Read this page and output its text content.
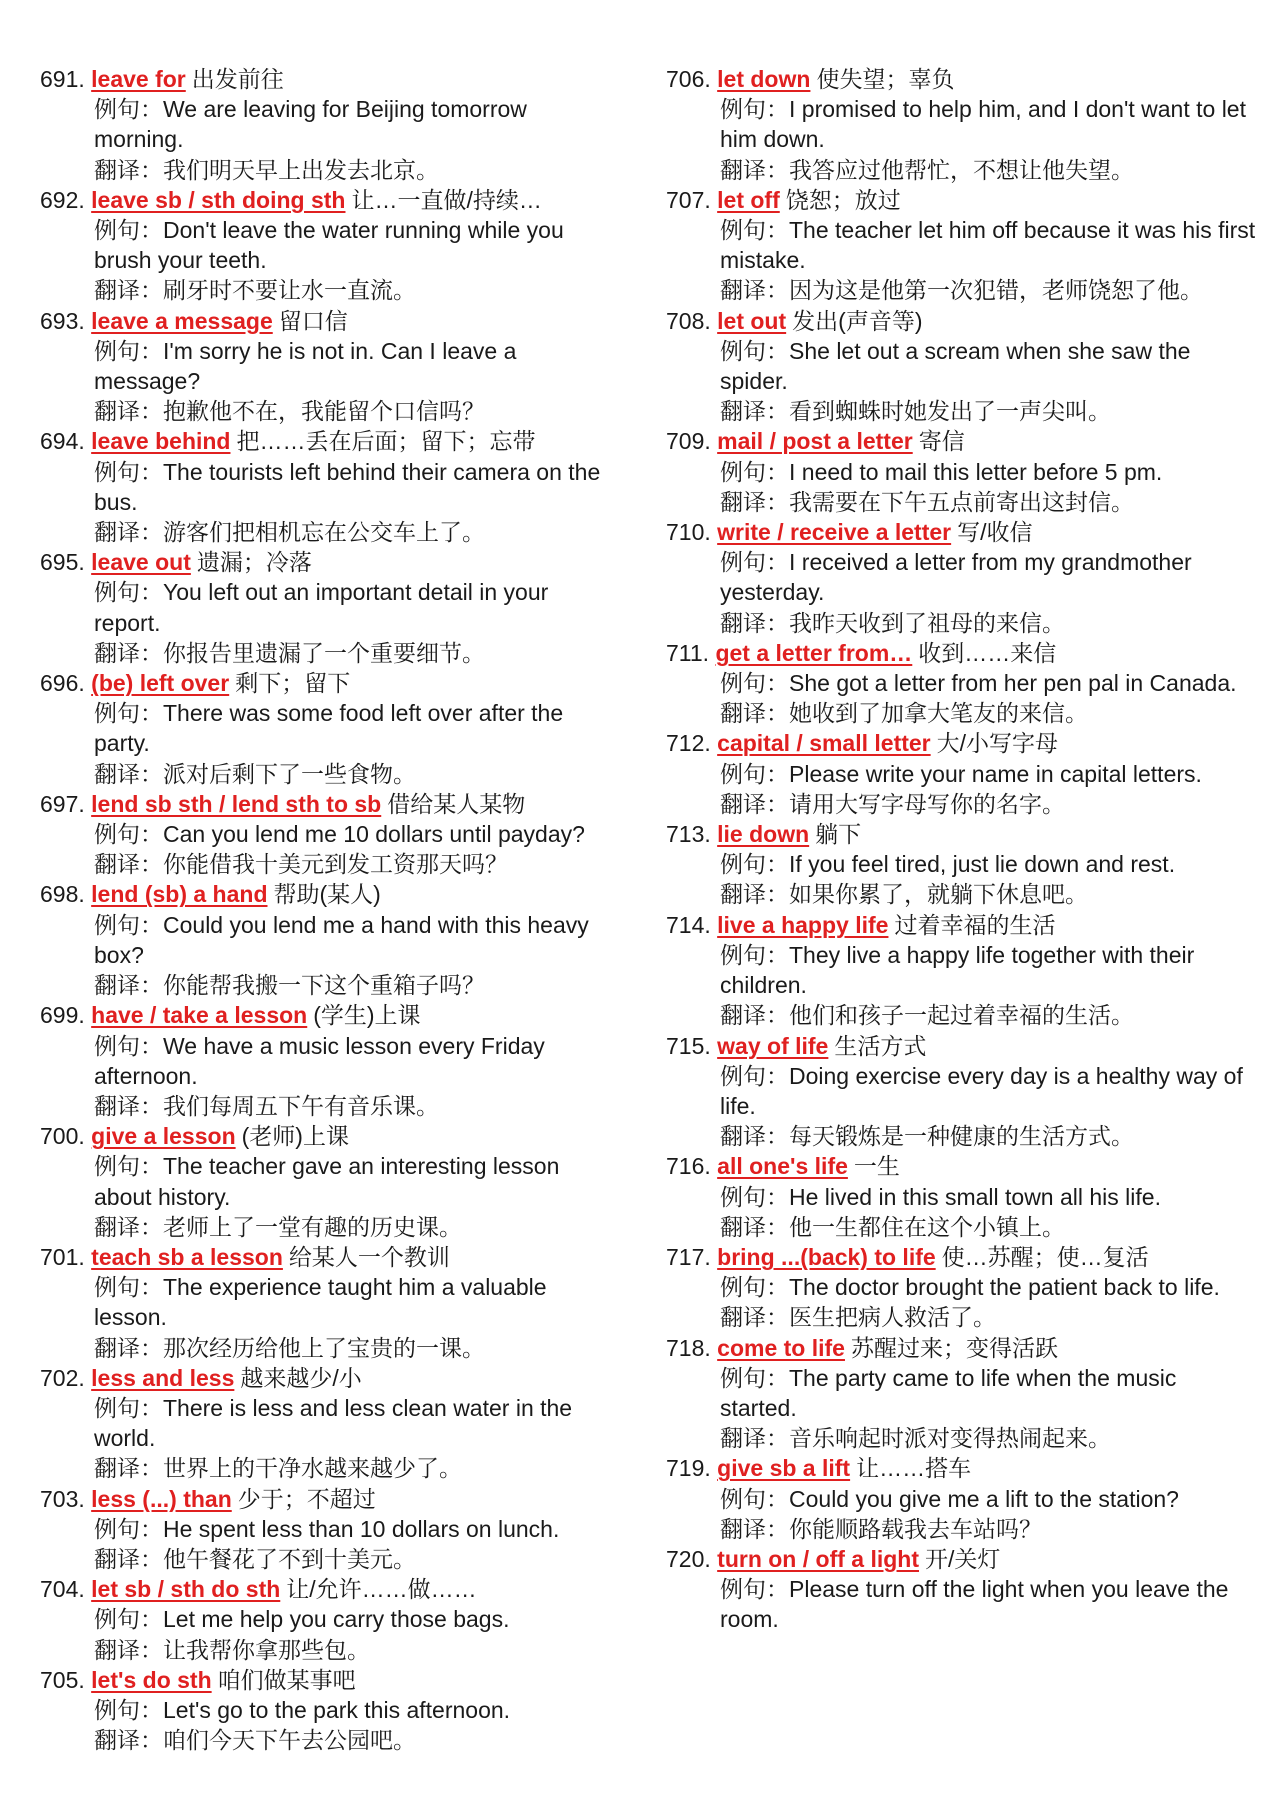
691. leave for 出发前往
例句：We are leaving for Beijing tomorrow morning.
翻译：我们明天早上出发去北京。
692. leave sb / sth doing sth 让…一直做/持续…
例句：Don't leave the water running while you brush your teeth.
翻译：刷牙时不要让水一直流。
693. leave a message 留口信
例句：I'm sorry he is not in. Can I leave a message?
翻译：抱歉他不在，我能留个口信吗？
694. leave behind 把……丢在后面；留下；忘带
例句：The tourists left behind their camera on the bus.
翻译：游客们把相机忘在公交车上了。
695. leave out 遗漏；冷落
例句：You left out an important detail in your report.
翻译：你报告里遗漏了一个重要细节。
696. (be) left over 剩下；留下
例句：There was some food left over after the party.
翻译：派对后剩下了一些食物。
697. lend sb sth / lend sth to sb 借给某人某物
例句：Can you lend me 10 dollars until payday?
翻译：你能借我十美元到发工资那天吗？
698. lend (sb) a hand 帮助(某人)
例句：Could you lend me a hand with this heavy box?
翻译：你能帮我搬一下这个重箱子吗？
699. have / take a lesson (学生)上课
例句：We have a music lesson every Friday afternoon.
翻译：我们每周五下午有音乐课。
700. give a lesson (老师)上课
例句：The teacher gave an interesting lesson about history.
翻译：老师上了一堂有趣的历史课。
701. teach sb a lesson 给某人一个教训
例句：The experience taught him a valuable lesson.
翻译：那次经历给他上了宝贵的一课。
702. less and less 越来越少/小
例句：There is less and less clean water in the world.
翻译：世界上的干净水越来越少了。
703. less (...) than 少于；不超过
例句：He spent less than 10 dollars on lunch.
翻译：他午餐花了不到十美元。
704. let sb / sth do sth 让/允许……做……
例句：Let me help you carry those bags.
翻译：让我帮你拿那些包。
705. let's do sth 咱们做某事吧
例句：Let's go to the park this afternoon.
翻译：咱们今天下午去公园吧。
706. let down 使失望；辜负
例句：I promised to help him, and I don't want to let him down.
翻译：我答应过他帮忙，不想让他失望。
707. let off 饶恕；放过
例句：The teacher let him off because it was his first mistake.
翻译：因为这是他第一次犯错，老师饶恕了他。
708. let out 发出(声音等)
例句：She let out a scream when she saw the spider.
翻译：看到蜘蛛时她发出了一声尖叫。
709. mail / post a letter 寄信
例句：I need to mail this letter before 5 pm.
翻译：我需要在下午五点前寄出这封信。
710. write / receive a letter 写/收信
例句：I received a letter from my grandmother yesterday.
翻译：我昨天收到了祖母的来信。
711. get a letter from… 收到……来信
例句：She got a letter from her pen pal in Canada.
翻译：她收到了加拿大笔友的来信。
712. capital / small letter 大/小写字母
例句：Please write your name in capital letters.
翻译：请用大写字母写你的名字。
713. lie down 躺下
例句：If you feel tired, just lie down and rest.
翻译：如果你累了，就躺下休息吧。
714. live a happy life 过着幸福的生活
例句：They live a happy life together with their children.
翻译：他们和孩子一起过着幸福的生活。
715. way of life 生活方式
例句：Doing exercise every day is a healthy way of life.
翻译：每天锻炼是一种健康的生活方式。
716. all one's life 一生
例句：He lived in this small town all his life.
翻译：他一生都住在这个小镇上。
717. bring ...(back) to life 使…苏醒；使…复活
例句：The doctor brought the patient back to life.
翻译：医生把病人救活了。
718. come to life 苏醒过来；变得活跃
例句：The party came to life when the music started.
翻译：音乐响起时派对变得热闹起来。
719. give sb a lift 让……搭车
例句：Could you give me a lift to the station?
翻译：你能顺路载我去车站吗？
720. turn on / off a light 开/关灯
例句：Please turn off the light when you leave the room.
